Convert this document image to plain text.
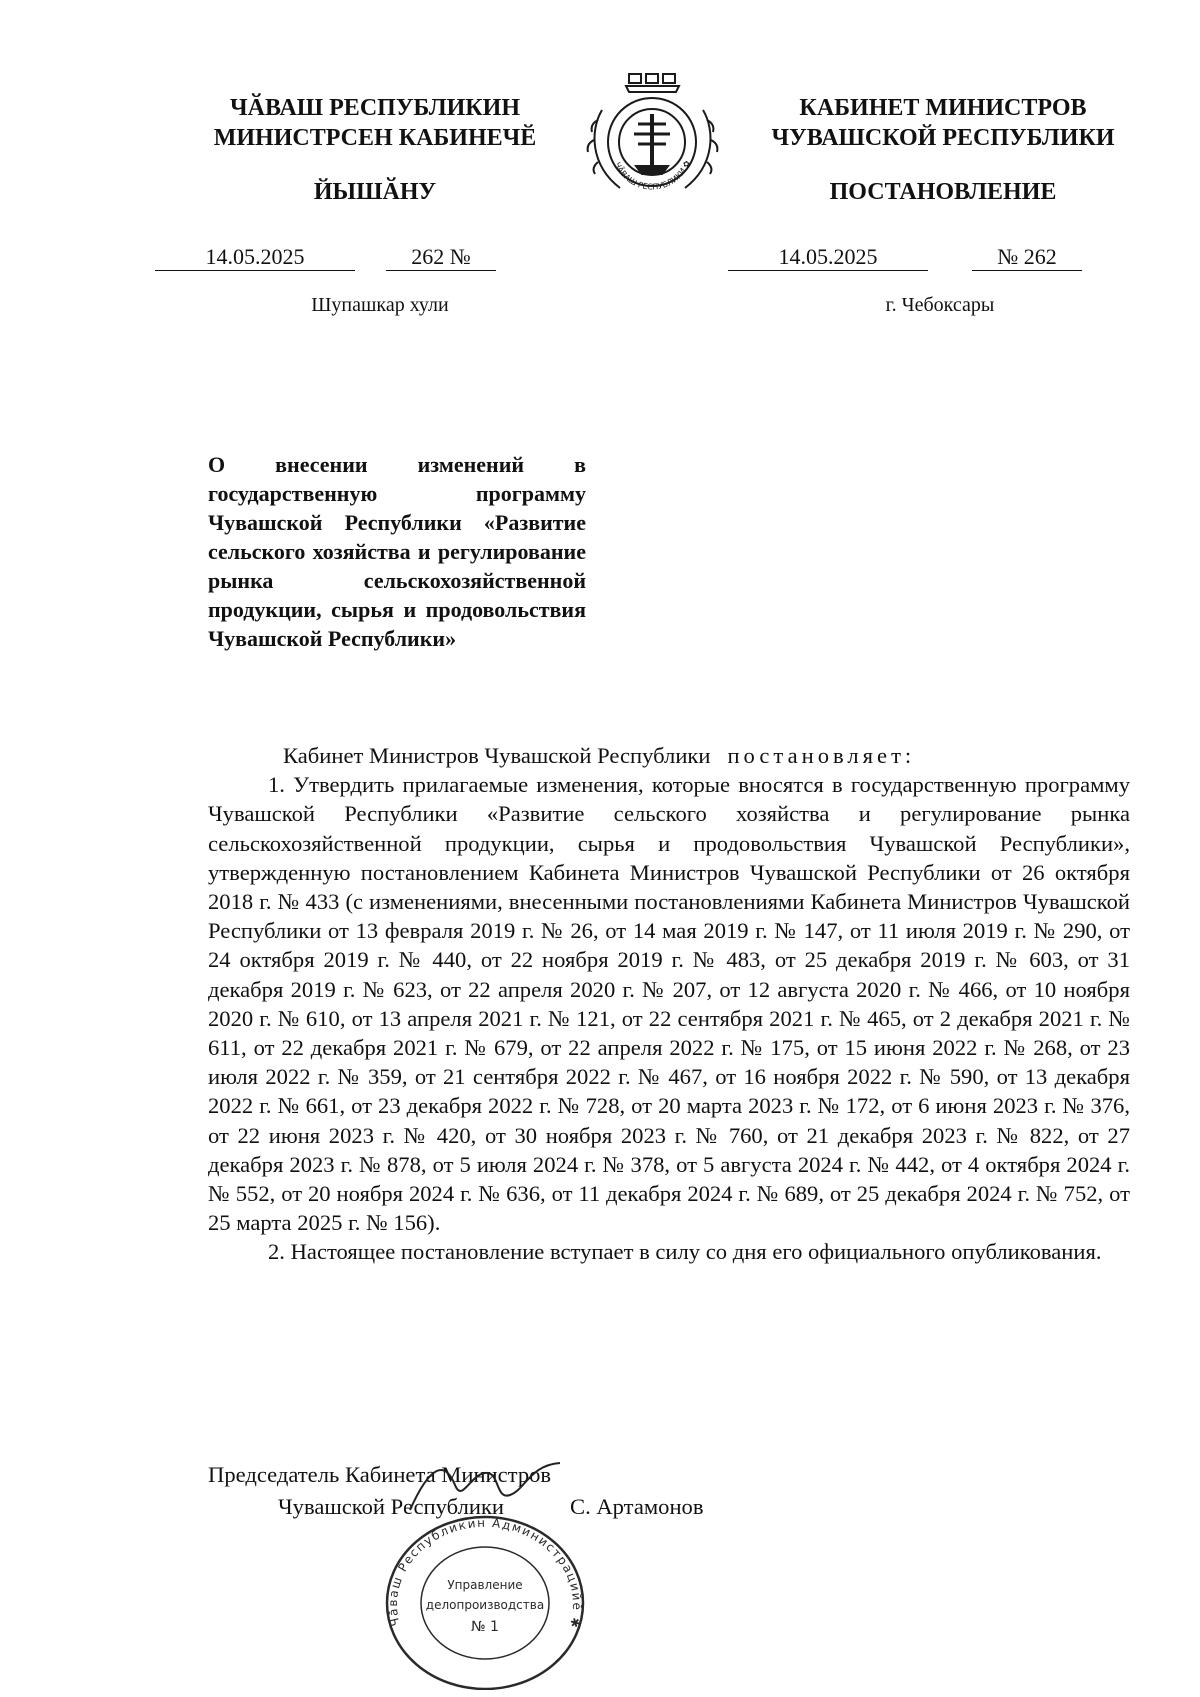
ЧӐВАШ РЕСПУБЛИКИН
МИНИСТРСЕН КАБИНЕЧӖ
ЙЫШӐНУ
14.05.2025	262 №
Шупашкар хули
ЧӐВАШ РЕСПУБЛИКИ ✿
КАБИНЕТ МИНИСТРОВ
ЧУВАШСКОЙ РЕСПУБЛИКИ
ПОСТАНОВЛЕНИЕ
14.05.2025	№ 262
г. Чебоксары
О внесении изменений в государственную программу Чувашской Республики «Развитие сельского хозяйства и регулирование рынка сельскохозяйственной продукции, сырья и продовольствия Чувашской Республики»

Кабинет Министров Чувашской Республики постановляет:

1. Утвердить прилагаемые изменения, которые вносятся в государственную программу Чувашской Республики «Развитие сельского хозяйства и регулирование рынка сельскохозяйственной продукции, сырья и продовольствия Чувашской Республики», утвержденную постановлением Кабинета Министров Чувашской Республики от 26 октября 2018 г. № 433 (с изменениями, внесенными постановлениями Кабинета Министров Чувашской Республики от 13 февраля 2019 г. № 26, от 14 мая 2019 г. № 147, от 11 июля 2019 г. № 290, от 24 октября 2019 г. № 440, от 22 ноября 2019 г. № 483, от 25 декабря 2019 г. № 603, от 31 декабря 2019 г. № 623, от 22 апреля 2020 г. № 207, от 12 августа 2020 г. № 466, от 10 ноября 2020 г. № 610, от 13 апреля 2021 г. № 121, от 22 сентября 2021 г. № 465, от 2 декабря 2021 г. № 611, от 22 декабря 2021 г. № 679, от 22 апреля 2022 г. № 175, от 15 июня 2022 г. № 268, от 23 июля 2022 г. № 359, от 21 сентября 2022 г. № 467, от 16 ноября 2022 г. № 590, от 13 декабря 2022 г. № 661, от 23 декабря 2022 г. № 728, от 20 марта 2023 г. № 172, от 6 июня 2023 г. № 376, от 22 июня 2023 г. № 420, от 30 ноября 2023 г. № 760, от 21 декабря 2023 г. № 822, от 27 декабря 2023 г. № 878, от 5 июля 2024 г. № 378, от 5 августа 2024 г. № 442, от 4 октября 2024 г. № 552, от 20 ноября 2024 г. № 636, от 11 декабря 2024 г. № 689, от 25 декабря 2024 г. № 752, от 25 марта 2025 г. № 156).

2. Настоящее постановление вступает в силу со дня его официального опубликования.

Председатель Кабинета Министров
Чувашской Республики	С. Артамонов
Чӑваш Республикин Администрацийӗ ✱
Управление
делопроизводства
№ 1
